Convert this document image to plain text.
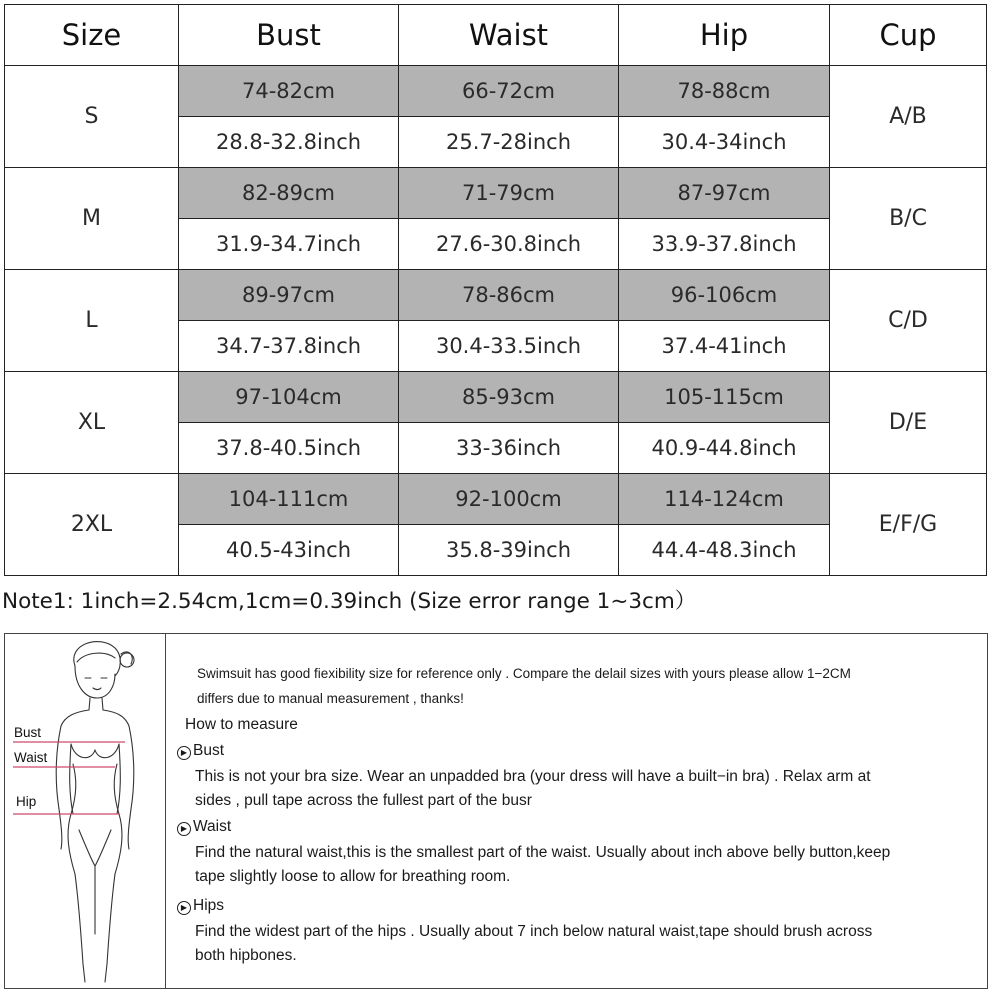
Size	Bust	Waist	Hip	Cup
S	74-82cm	66-72cm	78-88cm	A/B
	28.8-32.8inch	25.7-28inch	30.4-34inch	
M	82-89cm	71-79cm	87-97cm	B/C
	31.9-34.7inch	27.6-30.8inch	33.9-37.8inch	
L	89-97cm	78-86cm	96-106cm	C/D
	34.7-37.8inch	30.4-33.5inch	37.4-41inch	
XL	97-104cm	85-93cm	105-115cm	D/E
	37.8-40.5inch	33-36inch	40.9-44.8inch	
2XL	104-111cm	92-100cm	114-124cm	E/F/G
	40.5-43inch	35.8-39inch	44.4-48.3inch	
Note1: 1inch=2.54cm,1cm=0.39inch (Size error range 1~3cm）
Bust
Waist
Hip
Swimsuit has good fiexibility size for reference only . Compare the delail sizes with yours please allow 1−2CM
differs due to manual measurement , thanks!
How to measure
▶ Bust
This is not your bra size. Wear an unpadded bra (your dress will have a built−in bra) . Relax arm at
sides , pull tape across the fullest part of the busr
▶ Waist
Find the natural waist,this is the smallest part of the waist. Usually about inch above belly button,keep
tape slightly loose to allow for breathing room.
▶ Hips
Find the widest part of the hips . Usually about 7 inch below natural waist,tape should brush across
both hipbones.
